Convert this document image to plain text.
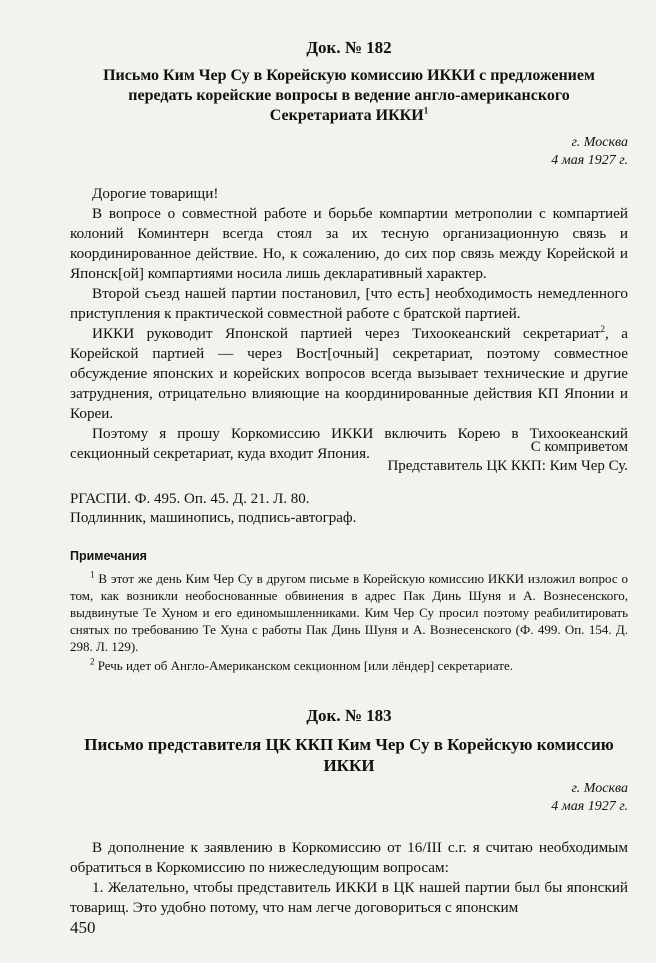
Док. № 182
Письмо Ким Чер Су в Корейскую комиссию ИККИ с предложением
передать корейские вопросы в ведение англо-американского
Секретариата ИККИ$^1$
г. Москва
4 мая 1927 г.

Дорогие товарищи!

В вопросе о совместной работе и борьбе компартии метрополии с компартией колоний Коминтерн всегда стоял за их тесную организационную связь и координированное действие. Но, к сожалению, до сих пор связь между Корейской и Японск[ой] компартиями носила лишь декларативный характер.

Второй съезд нашей партии постановил, [что есть] необходимость немедленного приступления к практической совместной работе с братской партией.

ИККИ руководит Японской партией через Тихоокеанский секретариат$^2$, а Корейской партией — через Вост[очный] секретариат, поэтому совместное обсуждение японских и корейских вопросов всегда вызывает технические и другие затруднения, отрицательно влияющие на координированные действия КП Японии и Кореи.

Поэтому я прошу Коркомиссию ИККИ включить Корею в Тихоокеанский секционный секретариат, куда входит Япония.	С комприветом
Представитель ЦК ККП: Ким Чер Су.
РГАСПИ. Ф. 495. Оп. 45. Д. 21. Л. 80.
Подлинник, машинопись, подпись-автограф.
Примечания

$^1$ В этот же день Ким Чер Су в другом письме в Корейскую комиссию ИККИ изложил вопрос о том, как возникли необоснованные обвинения в адрес Пак Динь Шуня и А. Вознесенского, выдвинутые Те Хуном и его единомышленниками. Ким Чер Су просил поэтому реабилитировать снятых по требованию Те Хуна с работы Пак Динь Шуня и А. Вознесенского (Ф. 499. Оп. 154. Д. 298. Л. 129).

$^2$ Речь идет об Англо-Американском секционном [или лёндер] секретариате.

Док. № 183
Письмо представителя ЦК ККП Ким Чер Су в Корейскую комиссию
ИККИ
г. Москва
4 мая 1927 г.

В дополнение к заявлению в Коркомиссию от 16/III с.г. я считаю необходимым обратиться в Коркомиссию по нижеследующим вопросам:

1. Желательно, чтобы представитель ИККИ в ЦК нашей партии был бы японский товарищ. Это удобно потому, что нам легче договориться с японским

450
